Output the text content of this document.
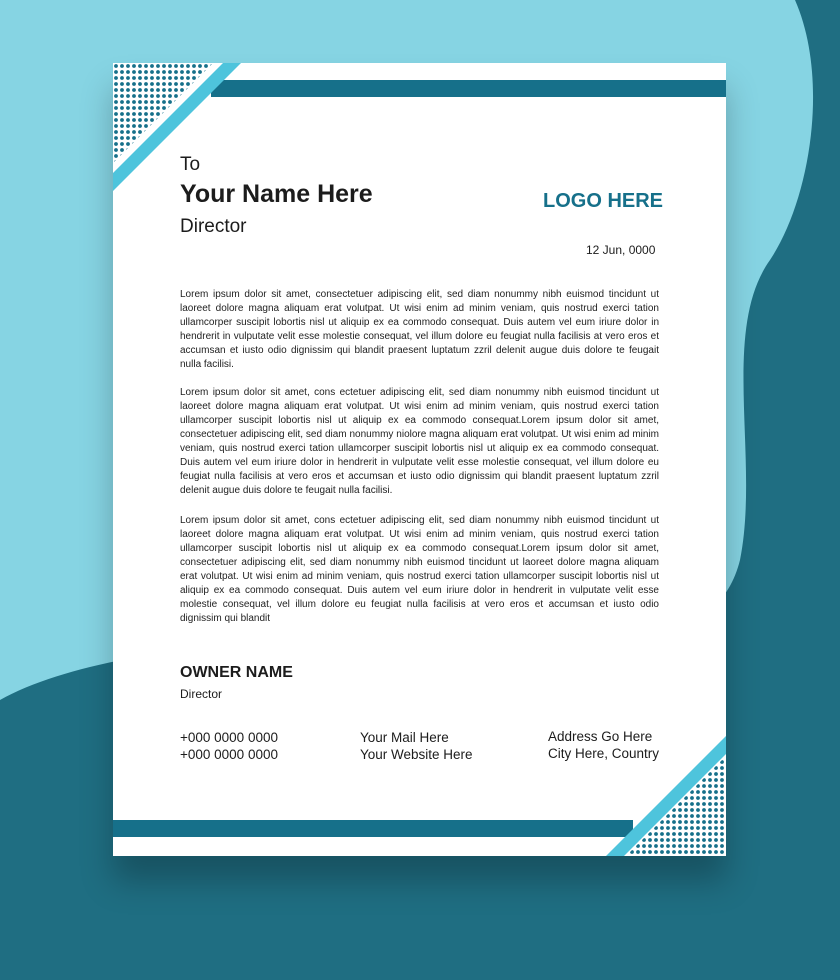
To
Your Name Here
Director
LOGO HERE
12 Jun, 0000

Lorem ipsum dolor sit amet, consectetuer adipiscing elit, sed diam nonummy nibh euismod tincidunt ut laoreet dolore magna aliquam erat volutpat. Ut wisi enim ad minim veniam, quis nostrud exerci tation ullamcorper suscipit lobortis nisl ut aliquip ex ea commodo consequat. Duis autem vel eum iriure dolor in hendrerit in vulputate velit esse molestie consequat, vel illum dolore eu feugiat nulla facilisis at vero eros et accumsan et iusto odio dignissim qui blandit praesent luptatum zzril delenit augue duis dolore te feugait nulla facilisi.

Lorem ipsum dolor sit amet, cons ectetuer adipiscing elit, sed diam nonummy nibh euismod tincidunt ut laoreet dolore magna aliquam erat volutpat. Ut wisi enim ad minim veniam, quis nostrud exerci tation ullamcorper suscipit lobortis nisl ut aliquip ex ea commodo consequat.Lorem ipsum dolor sit amet, consectetuer adipiscing elit, sed diam nonummy niolore magna aliquam erat volutpat. Ut wisi enim ad minim veniam, quis nostrud exerci tation ullamcorper suscipit lobortis nisl ut aliquip ex ea commodo consequat. Duis autem vel eum iriure dolor in hendrerit in vulputate velit esse molestie consequat, vel illum dolore eu feugiat nulla facilisis at vero eros et accumsan et iusto odio dignissim qui blandit praesent luptatum zzril delenit augue duis dolore te feugait nulla facilisi.

Lorem ipsum dolor sit amet, cons ectetuer adipiscing elit, sed diam nonummy nibh euismod tincidunt ut laoreet dolore magna aliquam erat volutpat. Ut wisi enim ad minim veniam, quis nostrud exerci tation ullamcorper suscipit lobortis nisl ut aliquip ex ea commodo consequat.Lorem ipsum dolor sit amet, consectetuer adipiscing elit, sed diam nonummy nibh euismod tincidunt ut laoreet dolore magna aliquam erat volutpat. Ut wisi enim ad minim veniam, quis nostrud exerci tation ullamcorper suscipit lobortis nisl ut aliquip ex ea commodo consequat. Duis autem vel eum iriure dolor in hendrerit in vulputate velit esse molestie consequat, vel illum dolore eu feugiat nulla facilisis at vero eros et accumsan et iusto odio dignissim qui blandit

OWNER NAME
Director
+000 0000 0000
+000 0000 0000
Your Mail Here
Your Website Here
Address Go Here
City Here, Country
